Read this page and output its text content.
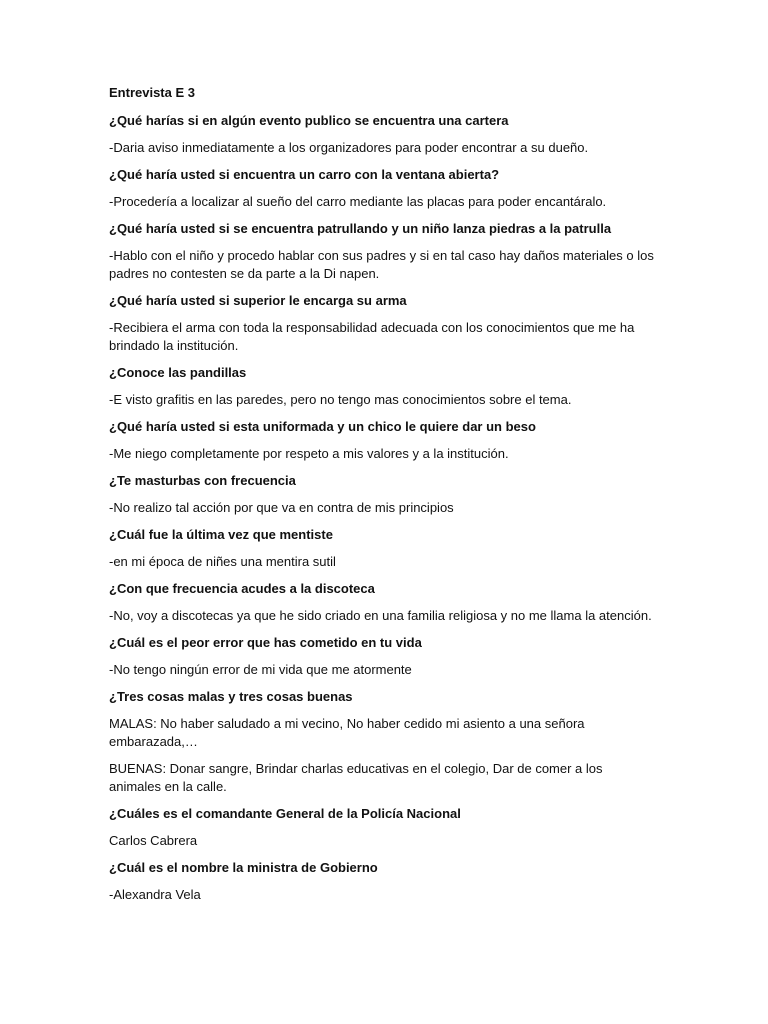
Entrevista E 3

¿Qué harías si en algún evento publico se encuentra una cartera

-Daria aviso inmediatamente a los organizadores para poder encontrar a su dueño.

¿Qué haría usted si encuentra un carro con la ventana abierta?

-Procedería a localizar al sueño del carro mediante las placas para poder encantáralo.

¿Qué haría usted si se encuentra patrullando y un niño lanza piedras a la patrulla

-Hablo con el niño y procedo hablar con sus padres y si en tal caso hay daños materiales o los padres no contesten se da parte a la Di napen.

¿Qué haría usted si superior le encarga su arma

-Recibiera el arma con toda la responsabilidad adecuada con los conocimientos que me ha brindado la institución.

¿Conoce las pandillas

-E visto grafitis en las paredes, pero no tengo mas conocimientos sobre el tema.

¿Qué haría usted si esta uniformada y un chico le quiere dar un beso

-Me niego completamente por respeto a mis valores y a la institución.

¿Te masturbas con frecuencia

-No realizo tal acción por que va en contra de mis principios

¿Cuál fue la última vez que mentiste

-en mi época de niñes una mentira sutil

¿Con que frecuencia acudes a la discoteca

-No, voy a discotecas ya que he sido criado en una familia religiosa y no me llama la atención.

¿Cuál es el peor error que has cometido en tu vida

-No tengo ningún error de mi vida que me atormente

¿Tres cosas malas y tres cosas buenas

MALAS: No haber saludado a mi vecino, No haber cedido mi asiento a una señora embarazada,…

BUENAS: Donar sangre, Brindar charlas educativas en el colegio, Dar de comer a los animales en la calle.

¿Cuáles es el comandante General de la Policía Nacional

Carlos Cabrera

¿Cuál es el nombre la ministra de Gobierno

-Alexandra Vela
